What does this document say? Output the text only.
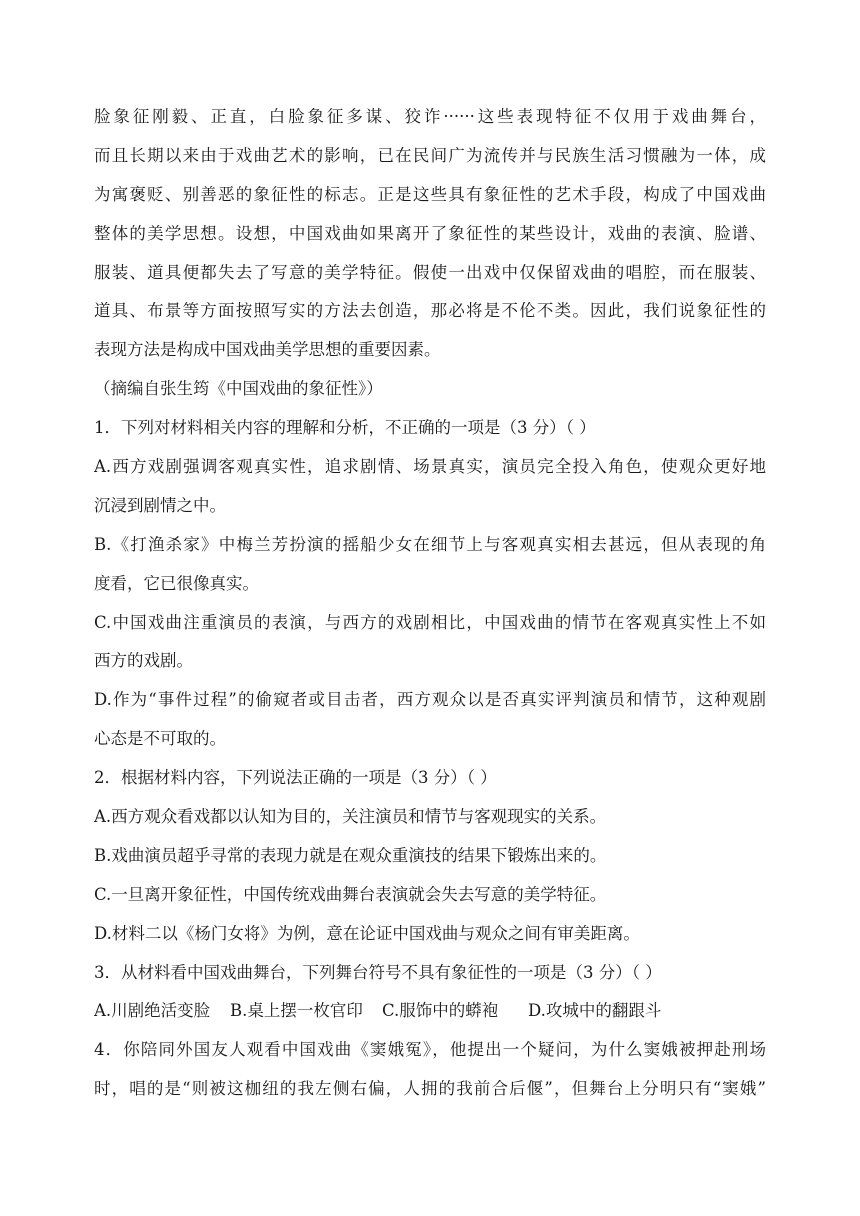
脸象征刚毅、正直，白脸象征多谋、狡诈······这些表现特征不仅用于戏曲舞台，
而且长期以来由于戏曲艺术的影响，已在民间广为流传并与民族生活习惯融为一体，成
为寓褒贬、别善恶的象征性的标志。正是这些具有象征性的艺术手段，构成了中国戏曲
整体的美学思想。设想，中国戏曲如果离开了象征性的某些设计，戏曲的表演、脸谱、
服装、道具便都失去了写意的美学特征。假使一出戏中仅保留戏曲的唱腔，而在服装、
道具、布景等方面按照写实的方法去创造，那必将是不伦不类。因此，我们说象征性的
表现方法是构成中国戏曲美学思想的重要因素。
（摘编自张生筠《中国戏曲的象征性》）
1．下列对材料相关内容的理解和分析，不正确的一项是（3 分）（ ）
A.西方戏剧强调客观真实性，追求剧情、场景真实，演员完全投入角色，使观众更好地
沉浸到剧情之中。
B.《打渔杀家》中梅兰芳扮演的摇船少女在细节上与客观真实相去甚远，但从表现的角
度看，它已很像真实。
C.中国戏曲注重演员的表演，与西方的戏剧相比，中国戏曲的情节在客观真实性上不如
西方的戏剧。
D.作为“事件过程”的偷窥者或目击者，西方观众以是否真实评判演员和情节，这种观剧
心态是不可取的。
2．根据材料内容，下列说法正确的一项是（3 分）（ ）
A.西方观众看戏都以认知为目的，关注演员和情节与客观现实的关系。
B.戏曲演员超乎寻常的表现力就是在观众重演技的结果下锻炼出来的。
C.一旦离开象征性，中国传统戏曲舞台表演就会失去写意的美学特征。
D.材料二以《杨门女将》为例，意在论证中国戏曲与观众之间有审美距离。
3．从材料看中国戏曲舞台，下列舞台符号不具有象征性的一项是（3 分）（ ）
A.川剧绝活变脸	B.桌上摆一枚官印	C.服饰中的蟒袍	D.攻城中的翻跟斗
4．你陪同外国友人观看中国戏曲《窦娥冤》，他提出一个疑问，为什么窦娥被押赴刑场
时，唱的是“则被这枷纽的我左侧右偏，人拥的我前合后偃”，但舞台上分明只有“窦娥”
